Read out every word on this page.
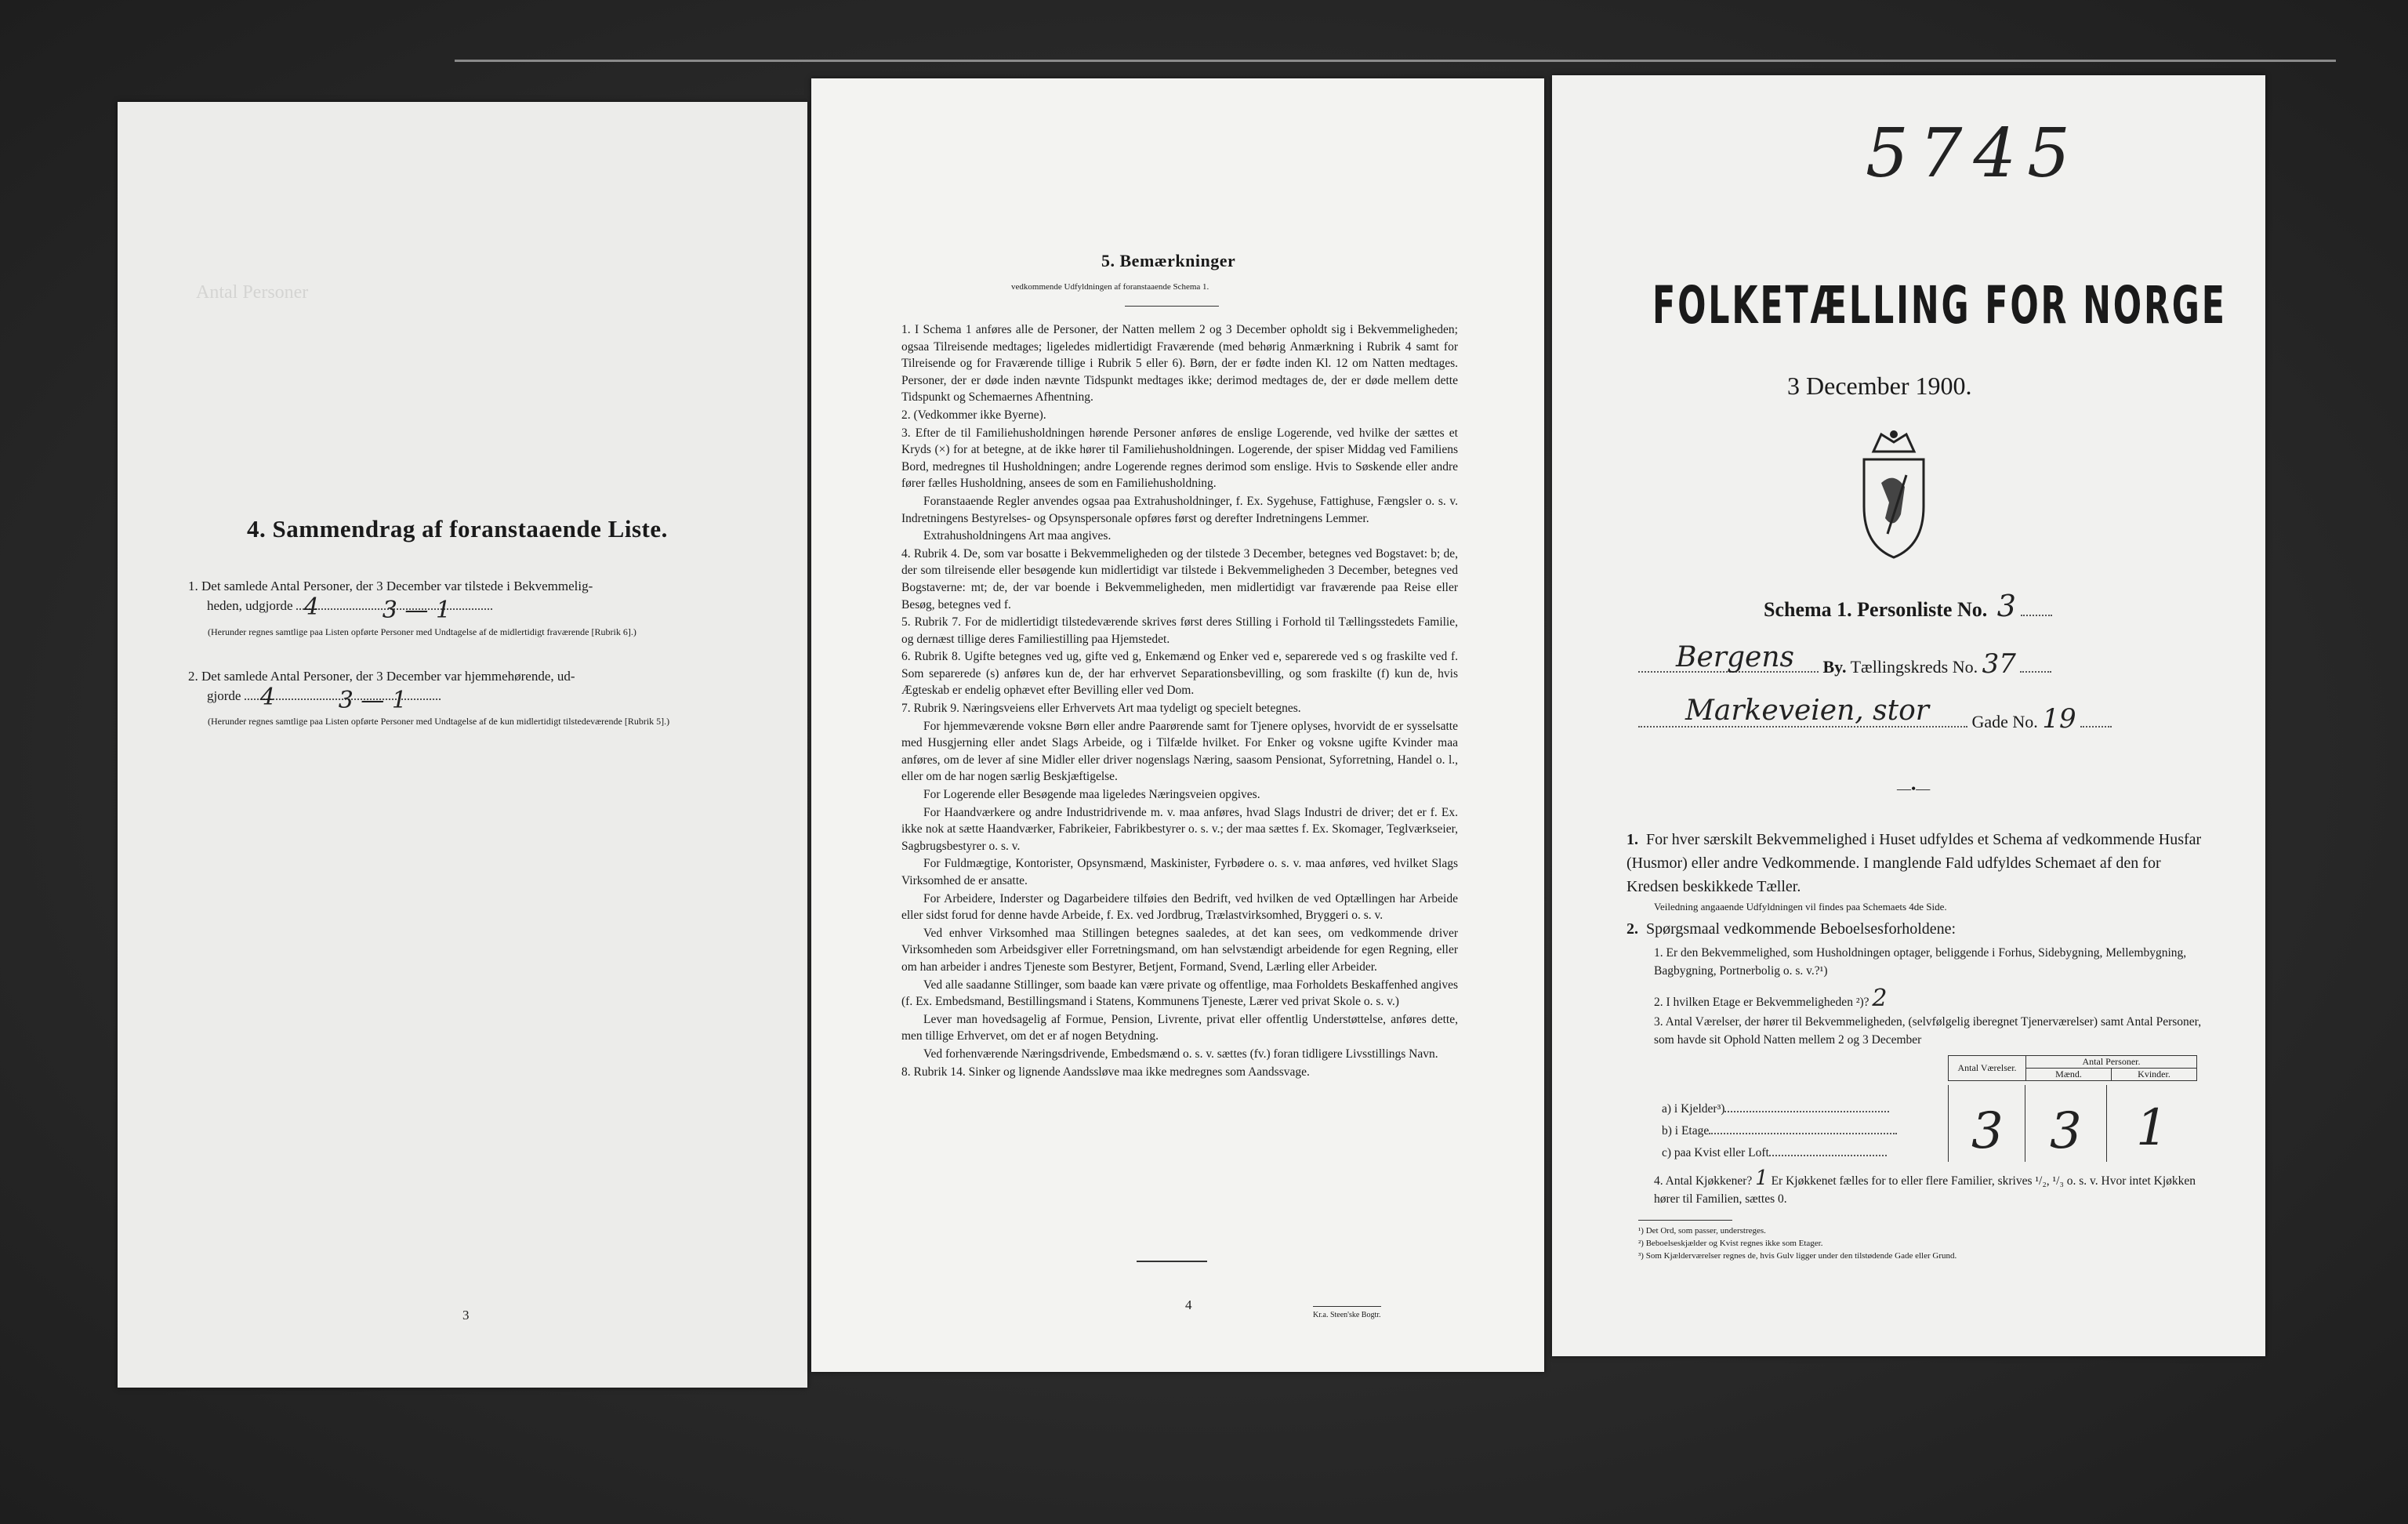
Antal Personer
4. Sammendrag af foranstaaende Liste.
1. Det samlede Antal Personer, der 3 December var tilstede i Bekvemmelig-
heden, udgjorde 4	3 — 1
(Herunder regnes samtlige paa Listen opførte Personer med Undtagelse af de midlertidigt fraværende [Rubrik 6].)
2. Det samlede Antal Personer, der 3 December var hjemmehørende, ud-
gjorde 4	3 — 1
(Herunder regnes samtlige paa Listen opførte Personer med Undtagelse af de kun midlertidigt tilstedeværende [Rubrik 5].)
3
5. Bemærkninger
vedkommende Udfyldningen af foranstaaende Schema 1.
1. I Schema 1 anføres alle de Personer, der Natten mellem 2 og 3 December opholdt sig i Bekvemmeligheden; ogsaa Tilreisende medtages; ligeledes midlertidigt Fraværende (med behørig Anmærkning i Rubrik 4 samt for Tilreisende og for Fraværende tillige i Rubrik 5 eller 6). Børn, der er fødte inden Kl. 12 om Natten medtages. Personer, der er døde inden nævnte Tidspunkt medtages ikke; derimod medtages de, der er døde mellem dette Tidspunkt og Schemaernes Afhentning.
2. (Vedkommer ikke Byerne).
3. Efter de til Familiehusholdningen hørende Personer anføres de enslige Logerende, ved hvilke der sættes et Kryds (×) for at betegne, at de ikke hører til Familiehusholdningen. Logerende, der spiser Middag ved Familiens Bord, medregnes til Husholdningen; andre Logerende regnes derimod som enslige. Hvis to Søskende eller andre fører fælles Husholdning, ansees de som en Familiehusholdning.
Foranstaaende Regler anvendes ogsaa paa Extrahusholdninger, f. Ex. Sygehuse, Fattighuse, Fængsler o. s. v. Indretningens Bestyrelses- og Opsynspersonale opføres først og derefter Indretningens Lemmer.
Extrahusholdningens Art maa angives.
4. Rubrik 4. De, som var bosatte i Bekvemmeligheden og der tilstede 3 December, betegnes ved Bogstavet: b; de, der som tilreisende eller besøgende kun midlertidigt var tilstede i Bekvemmeligheden 3 December, betegnes ved Bogstaverne: mt; de, der var boende i Bekvemmeligheden, men midlertidigt var fraværende paa Reise eller Besøg, betegnes ved f.
5. Rubrik 7. For de midlertidigt tilstedeværende skrives først deres Stilling i Forhold til Tællingsstedets Familie, og dernæst tillige deres Familiestilling paa Hjemstedet.
6. Rubrik 8. Ugifte betegnes ved ug, gifte ved g, Enkemænd og Enker ved e, separerede ved s og fraskilte ved f. Som separerede (s) anføres kun de, der har erhvervet Separationsbevilling, og som fraskilte (f) kun de, hvis Ægteskab er endelig ophævet efter Bevilling eller ved Dom.
7. Rubrik 9. Næringsveiens eller Erhvervets Art maa tydeligt og specielt betegnes.
For hjemmeværende voksne Børn eller andre Paarørende samt for Tjenere oplyses, hvorvidt de er sysselsatte med Husgjerning eller andet Slags Arbeide, og i Tilfælde hvilket. For Enker og voksne ugifte Kvinder maa anføres, om de lever af sine Midler eller driver nogenslags Næring, saasom Pensionat, Syforretning, Handel o. l., eller om de har nogen særlig Beskjæftigelse.
For Logerende eller Besøgende maa ligeledes Næringsveien opgives.
For Haandværkere og andre Industridrivende m. v. maa anføres, hvad Slags Industri de driver; det er f. Ex. ikke nok at sætte Haandværker, Fabrikeier, Fabrikbestyrer o. s. v.; der maa sættes f. Ex. Skomager, Teglværkseier, Sagbrugsbestyrer o. s. v.
For Fuldmægtige, Kontorister, Opsynsmænd, Maskinister, Fyrbødere o. s. v. maa anføres, ved hvilket Slags Virksomhed de er ansatte.
For Arbeidere, Inderster og Dagarbeidere tilføies den Bedrift, ved hvilken de ved Optællingen har Arbeide eller sidst forud for denne havde Arbeide, f. Ex. ved Jordbrug, Trælastvirksomhed, Bryggeri o. s. v.
Ved enhver Virksomhed maa Stillingen betegnes saaledes, at det kan sees, om vedkommende driver Virksomheden som Arbeidsgiver eller Forretningsmand, om han selvstændigt arbeidende for egen Regning, eller om han arbeider i andres Tjeneste som Bestyrer, Betjent, Formand, Svend, Lærling eller Arbeider.
Ved alle saadanne Stillinger, som baade kan være private og offentlige, maa Forholdets Beskaffenhed angives (f. Ex. Embedsmand, Bestillingsmand i Statens, Kommunens Tjeneste, Lærer ved privat Skole o. s. v.)
Lever man hovedsagelig af Formue, Pension, Livrente, privat eller offentlig Understøttelse, anføres dette, men tillige Erhvervet, om det er af nogen Betydning.
Ved forhenværende Næringsdrivende, Embedsmænd o. s. v. sættes (fv.) foran tidligere Livsstillings Navn.
8. Rubrik 14. Sinker og lignende Aandssløve maa ikke medregnes som Aandssvage.
4
Kr.a. Steen'ske Bogtr.
5745
FOLKETÆLLING FOR NORGE
3 December 1900.
Schema 1. Personliste No. 3
Bergens By. Tællingskreds No. 37
Markeveien, stor Gade No. 19
—•—
1. For hver særskilt Bekvemmelighed i Huset udfyldes et Schema af vedkommende Husfar (Husmor) eller andre Vedkommende. I manglende Fald udfyldes Schemaet af den for Kredsen beskikkede Tæller.
Veiledning angaaende Udfyldningen vil findes paa Schemaets 4de Side.
2. Spørgsmaal vedkommende Beboelsesforholdene:
1. Er den Bekvemmelighed, som Husholdningen optager, beliggende i Forhus, Sidebygning, Mellembygning, Bagbygning, Portnerbolig o. s. v.?¹)
2. I hvilken Etage er Bekvemmeligheden ²)? 2
3. Antal Værelser, der hører til Bekvemmeligheden, (selvfølgelig iberegnet Tjenerværelser) samt Antal Personer, som havde sit Ophold Natten mellem 2 og 3 December
Antal Værelser.	Antal Personer.	
	Mænd.	Kvinder.
a) i Kjelder³)
b) i Etage
c) paa Kvist eller Loft	3 3 1
4. Antal Kjøkkener? 1 Er Kjøkkenet fælles for to eller flere Familier, skrives ¹/₂, ¹/₃ o. s. v. Hvor intet Kjøkken hører til Familien, sættes 0.
¹) Det Ord, som passer, understreges.
²) Beboelseskjælder og Kvist regnes ikke som Etager.
³) Som Kjælderværelser regnes de, hvis Gulv ligger under den tilstødende Gade eller Grund.
